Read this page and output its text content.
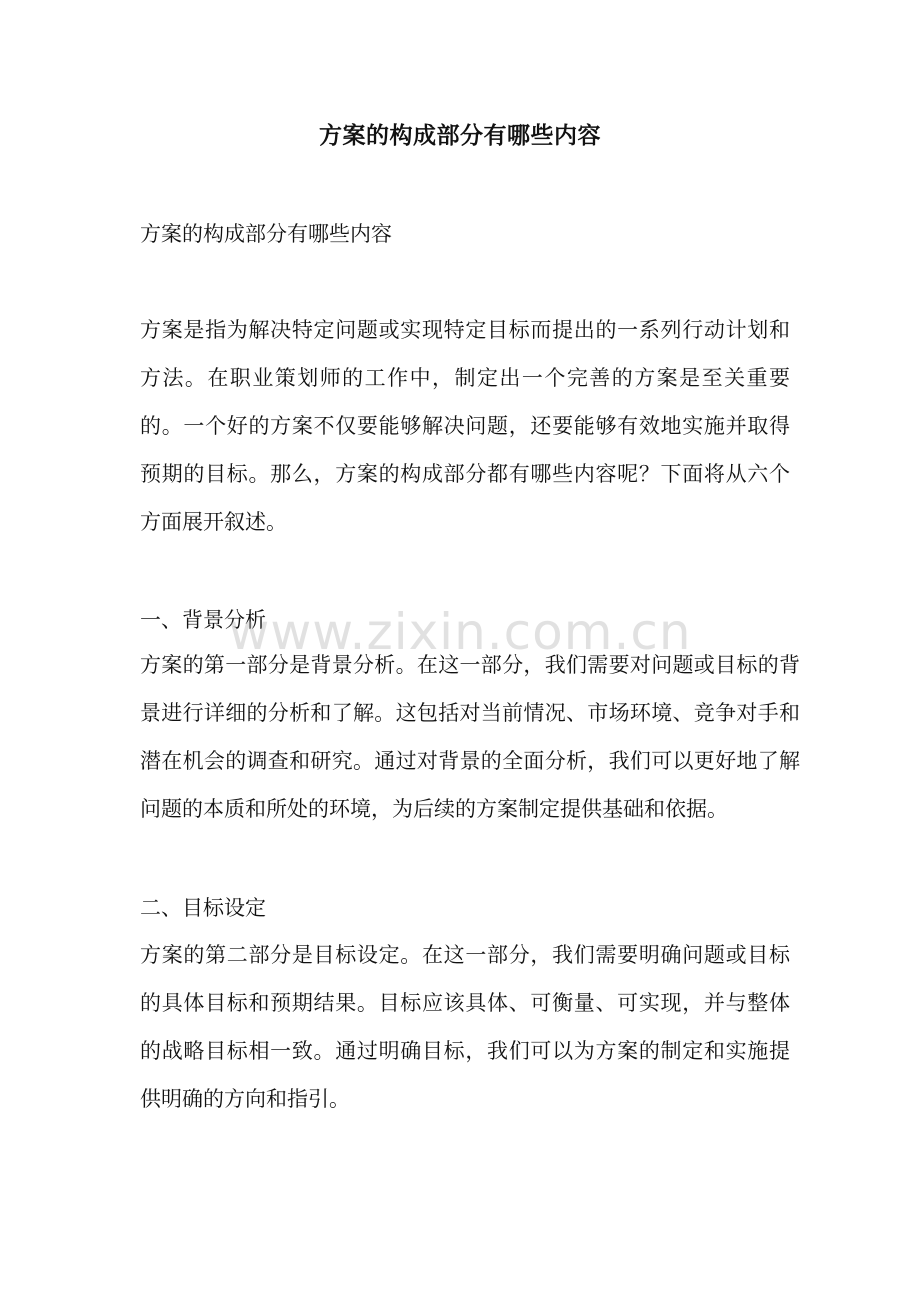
方案的构成部分有哪些内容
方案的构成部分有哪些内容

方案是指为解决特定问题或实现特定目标而提出的一系列行动计划和方法。在职业策划师的工作中，制定出一个完善的方案是至关重要的。一个好的方案不仅要能够解决问题，还要能够有效地实施并取得预期的目标。那么，方案的构成部分都有哪些内容呢？下面将从六个方面展开叙述。

一、背景分析

方案的第一部分是背景分析。在这一部分，我们需要对问题或目标的背景进行详细的分析和了解。这包括对当前情况、市场环境、竞争对手和潜在机会的调查和研究。通过对背景的全面分析，我们可以更好地了解问题的本质和所处的环境，为后续的方案制定提供基础和依据。

二、目标设定

方案的第二部分是目标设定。在这一部分，我们需要明确问题或目标的具体目标和预期结果。目标应该具体、可衡量、可实现，并与整体的战略目标相一致。通过明确目标，我们可以为方案的制定和实施提供明确的方向和指引。

www.zixin.com.cn
